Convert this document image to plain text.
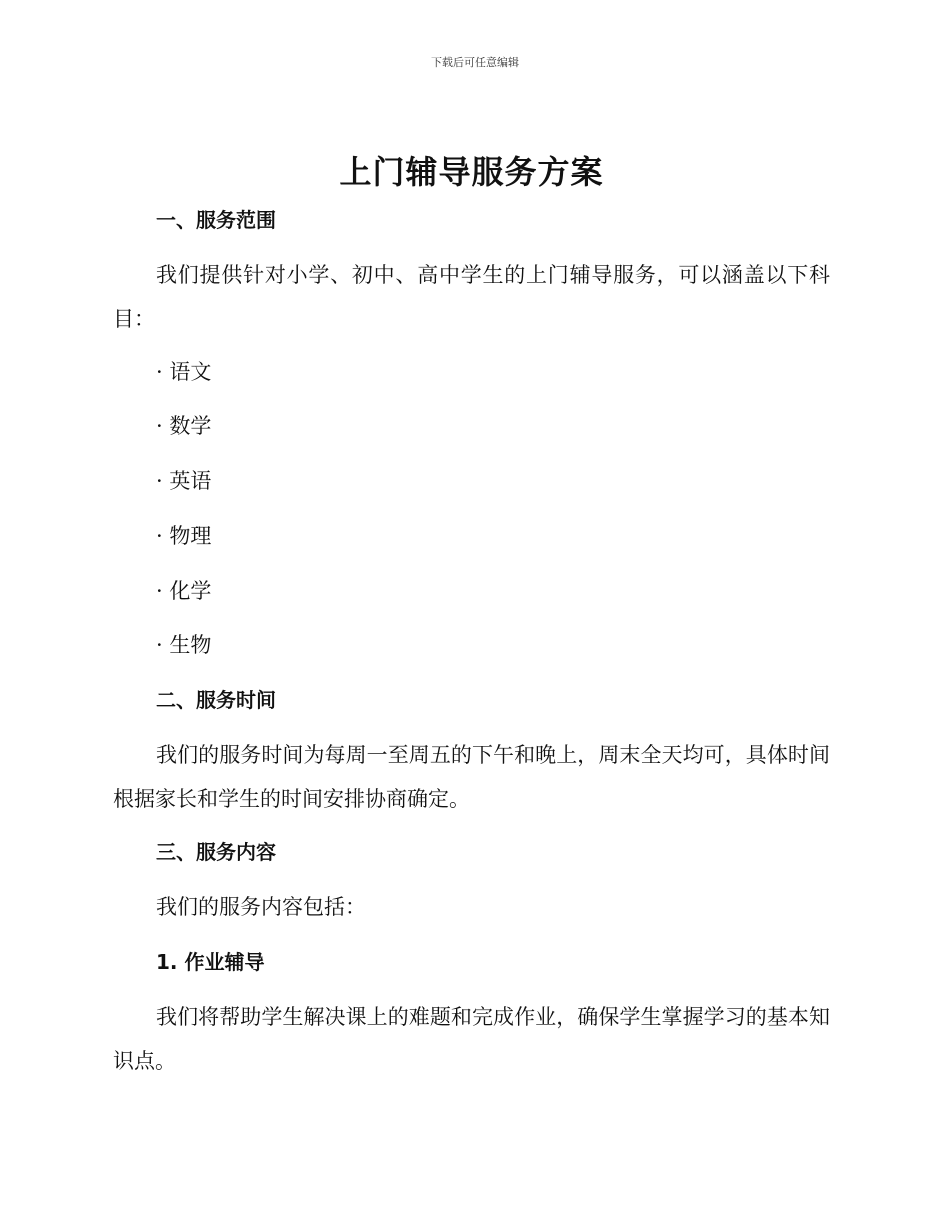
下载后可任意编辑
上门辅导服务方案
一、服务范围
我们提供针对小学、初中、高中学生的上门辅导服务，可以涵盖以下科目：
· 语文
· 数学
· 英语
· 物理
· 化学
· 生物
二、服务时间
我们的服务时间为每周一至周五的下午和晚上，周末全天均可，具体时间根据家长和学生的时间安排协商确定。
三、服务内容
我们的服务内容包括：
1. 作业辅导
我们将帮助学生解决课上的难题和完成作业，确保学生掌握学习的基本知识点。
